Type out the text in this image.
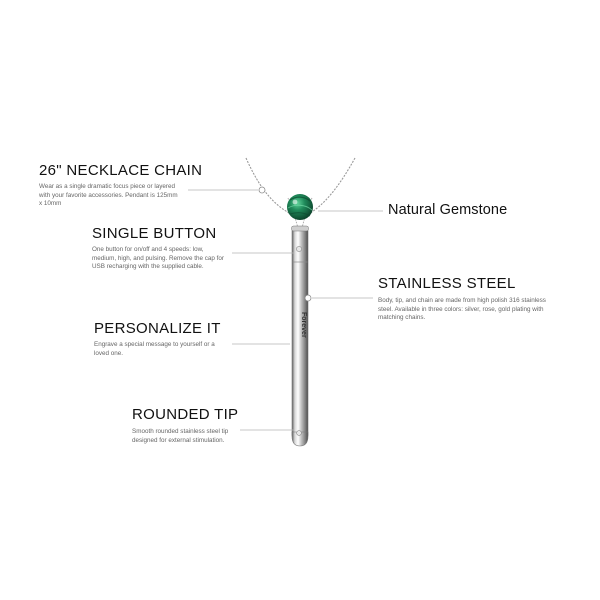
Forever
26" NECKLACE CHAIN
Wear as a single dramatic focus piece or layered with your favorite accessories. Pendant is 125mm x 10mm	Natural Gemstone
SINGLE BUTTON
One button for on/off and 4 speeds: low, medium, high, and pulsing. Remove the cap for USB recharging with the supplied cable.
STAINLESS STEEL
Body, tip, and chain are made from high polish 316 stainless steel. Available in three colors: silver, rose, gold plating with matching chains.
PERSONALIZE IT
Engrave a special message to yourself or a loved one.
ROUNDED TIP
Smooth rounded stainless steel tip designed for external stimulation.
